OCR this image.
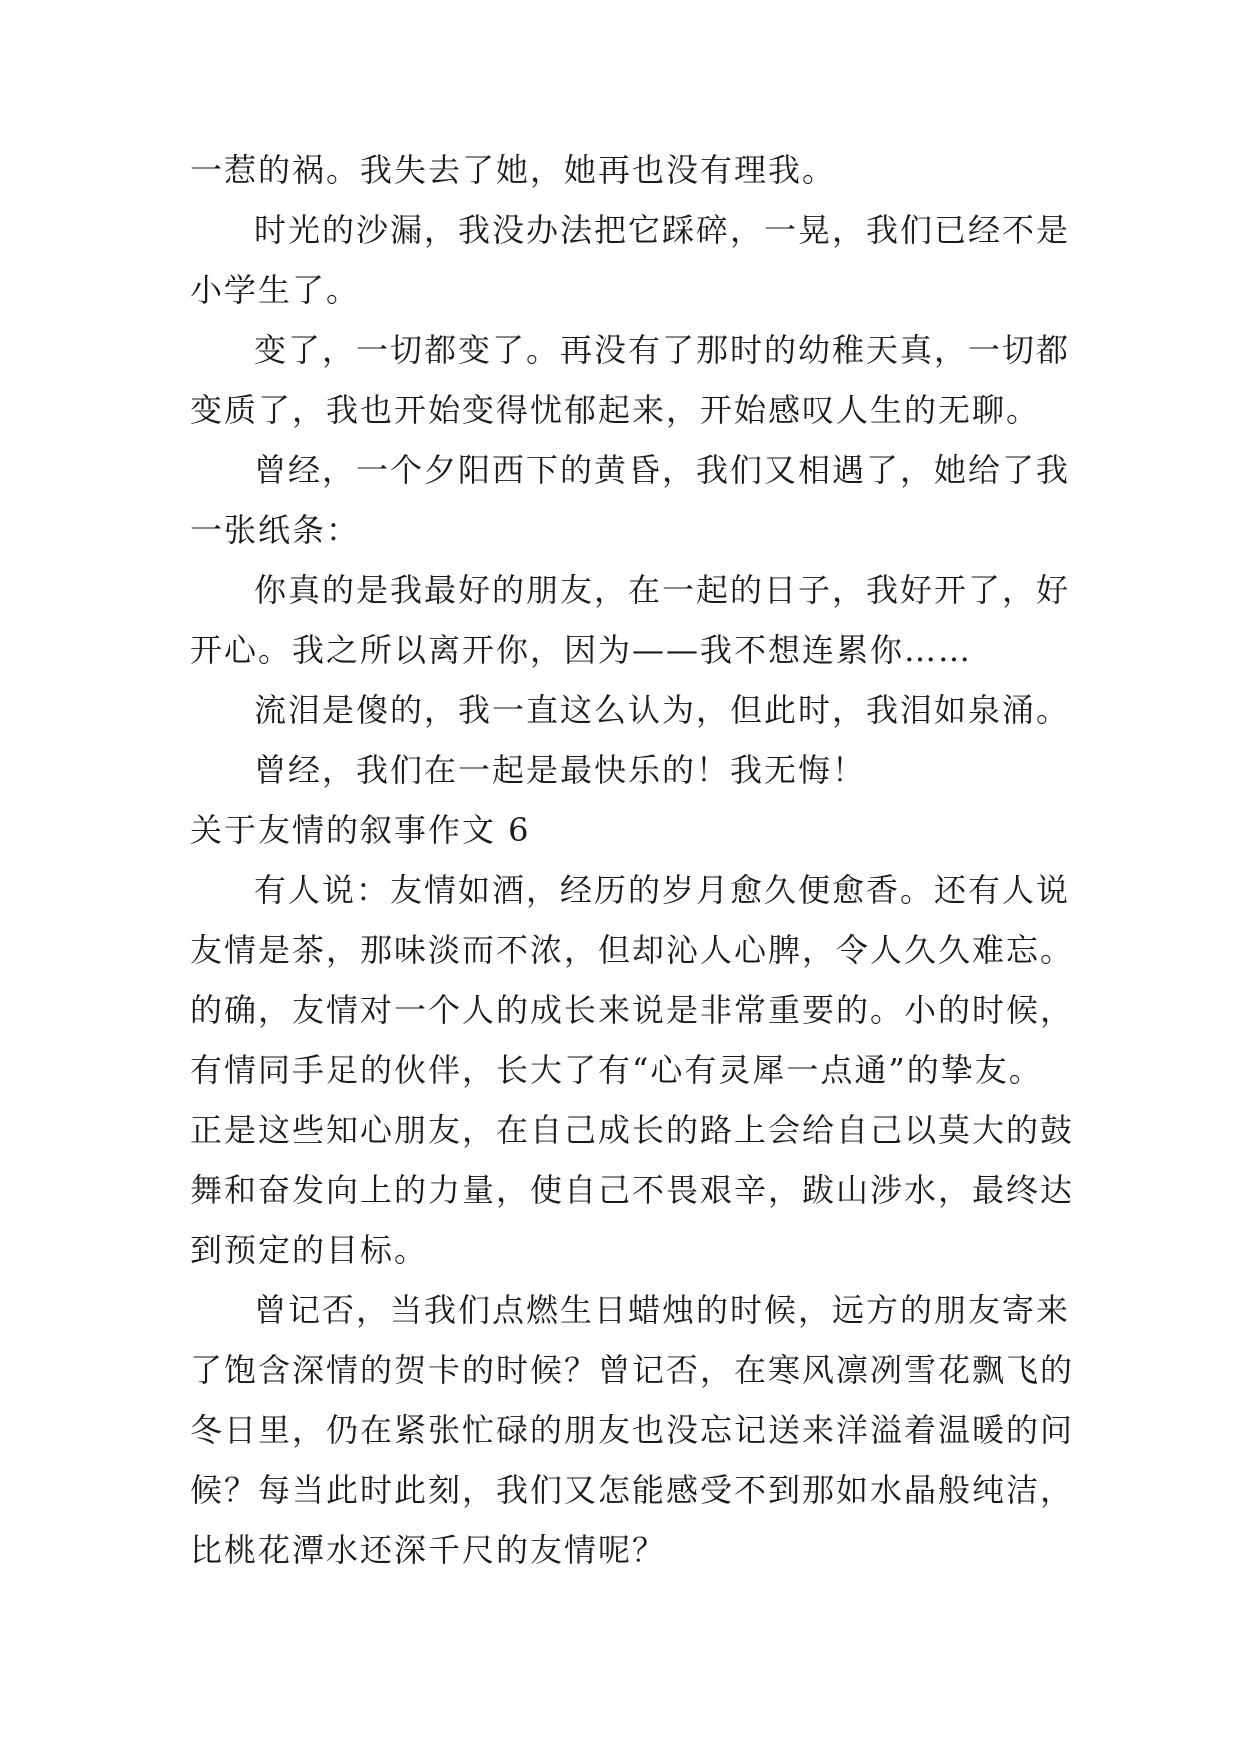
一惹的祸。我失去了她，她再也没有理我。
时光的沙漏，我没办法把它踩碎，一晃，我们已经不是
小学生了。
变了，一切都变了。再没有了那时的幼稚天真，一切都
变质了，我也开始变得忧郁起来，开始感叹人生的无聊。
曾经，一个夕阳西下的黄昏，我们又相遇了，她给了我
一张纸条：
你真的是我最好的朋友，在一起的日子，我好开了，好
开心。我之所以离开你，因为——我不想连累你……
流泪是傻的，我一直这么认为，但此时，我泪如泉涌。
曾经，我们在一起是最快乐的！我无悔！
关于友情的叙事作文 6
有人说：友情如酒，经历的岁月愈久便愈香。还有人说
友情是茶，那味淡而不浓，但却沁人心脾，令人久久难忘。
的确，友情对一个人的成长来说是非常重要的。小的时候，
有情同手足的伙伴，长大了有“心有灵犀一点通”的挚友。
正是这些知心朋友，在自己成长的路上会给自己以莫大的鼓
舞和奋发向上的力量，使自己不畏艰辛，跋山涉水，最终达
到预定的目标。
曾记否，当我们点燃生日蜡烛的时候，远方的朋友寄来
了饱含深情的贺卡的时候？曾记否，在寒风凛冽雪花飘飞的
冬日里，仍在紧张忙碌的朋友也没忘记送来洋溢着温暖的问
候？每当此时此刻，我们又怎能感受不到那如水晶般纯洁，
比桃花潭水还深千尺的友情呢？
